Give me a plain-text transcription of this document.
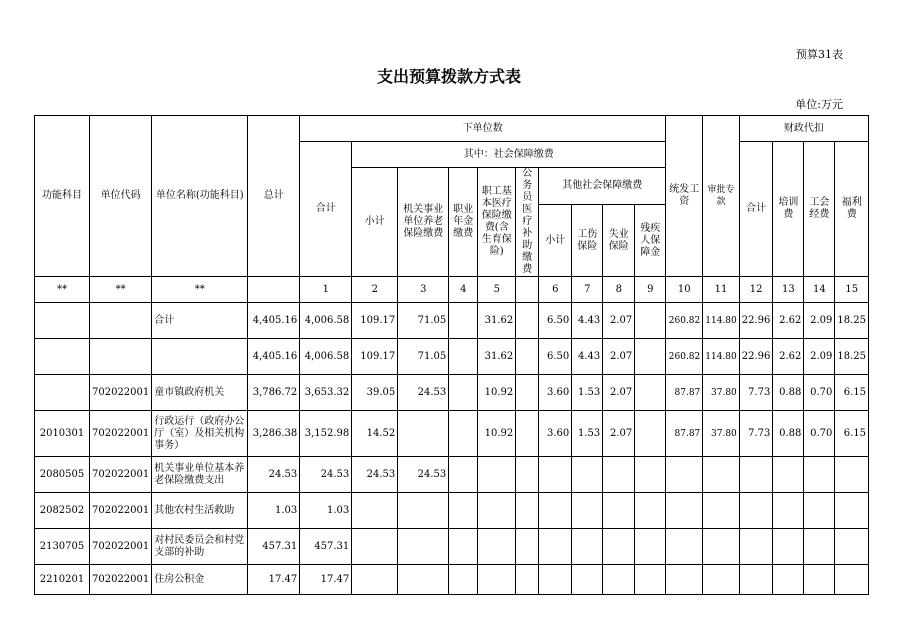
预算31表
支出预算拨款方式表
单位:万元
功能科目	单位代码	单位名称(功能科目)	总计	下单位数										统发工资	审批专款	财政代扣			
				合计	其中：社会保障缴费											合计	培训费	工会经费	福利费
					小计	机关事业单位养老保险缴费	职业年金缴费	职工基本医疗保险缴费(含生育保险)	公务员医疗补助缴费	其他社会保障缴费									
										小计	工伤保险	失业保险	残疾人保障金						
**	**	**		1	2	3	4	5		6	7	8	9	10	11	12	13	14	15
		合计	4,405.16	4,006.58	109.17	71.05		31.62		6.50	4.43	2.07		260.82	114.80	22.96	2.62	2.09	18.25
			4,405.16	4,006.58	109.17	71.05		31.62		6.50	4.43	2.07		260.82	114.80	22.96	2.62	2.09	18.25
	702022001	童市镇政府机关	3,786.72	3,653.32	39.05	24.53		10.92		3.60	1.53	2.07		87.87	37.80	7.73	0.88	0.70	6.15
2010301	702022001	行政运行（政府办公厅（室）及相关机构事务）	3,286.38	3,152.98	14.52			10.92		3.60	1.53	2.07		87.87	37.80	7.73	0.88	0.70	6.15
2080505	702022001	机关事业单位基本养老保险缴费支出	24.53	24.53	24.53	24.53													
2082502	702022001	其他农村生活救助	1.03	1.03															
2130705	702022001	对村民委员会和村党支部的补助	457.31	457.31															
2210201	702022001	住房公积金	17.47	17.47															
